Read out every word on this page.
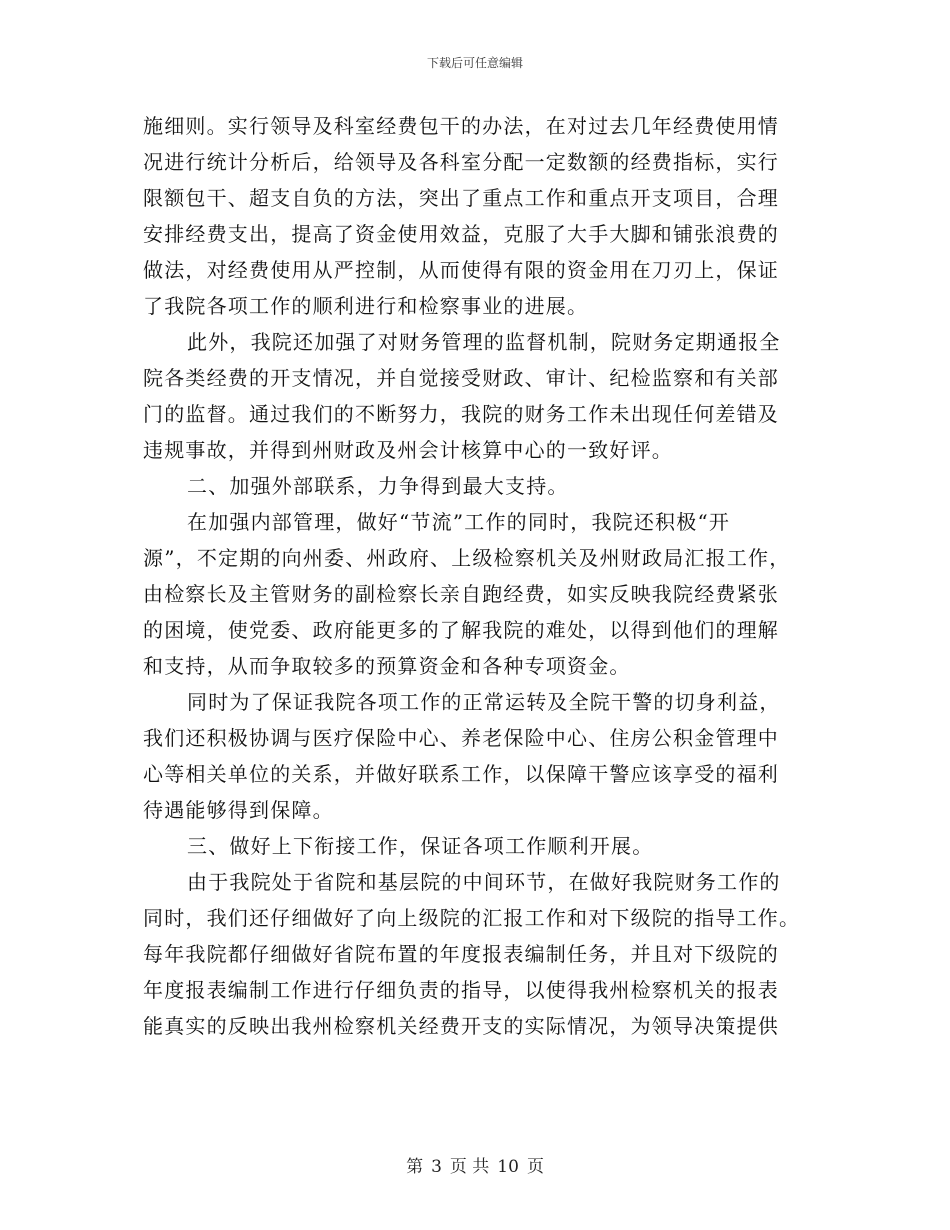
下载后可任意编辑
施细则。实行领导及科室经费包干的办法，在对过去几年经费使用情
况进行统计分析后，给领导及各科室分配一定数额的经费指标，实行
限额包干、超支自负的方法，突出了重点工作和重点开支项目，合理
安排经费支出，提高了资金使用效益，克服了大手大脚和铺张浪费的
做法，对经费使用从严控制，从而使得有限的资金用在刀刃上，保证
了我院各项工作的顺利进行和检察事业的进展。
此外，我院还加强了对财务管理的监督机制，院财务定期通报全
院各类经费的开支情况，并自觉接受财政、审计、纪检监察和有关部
门的监督。通过我们的不断努力，我院的财务工作未出现任何差错及
违规事故，并得到州财政及州会计核算中心的一致好评。
二、加强外部联系，力争得到最大支持。
在加强内部管理，做好“节流”工作的同时，我院还积极“开
源”，不定期的向州委、州政府、上级检察机关及州财政局汇报工作，
由检察长及主管财务的副检察长亲自跑经费，如实反映我院经费紧张
的困境，使党委、政府能更多的了解我院的难处，以得到他们的理解
和支持，从而争取较多的预算资金和各种专项资金。
同时为了保证我院各项工作的正常运转及全院干警的切身利益，
我们还积极协调与医疗保险中心、养老保险中心、住房公积金管理中
心等相关单位的关系，并做好联系工作，以保障干警应该享受的福利
待遇能够得到保障。
三、做好上下衔接工作，保证各项工作顺利开展。
由于我院处于省院和基层院的中间环节，在做好我院财务工作的
同时，我们还仔细做好了向上级院的汇报工作和对下级院的指导工作。
每年我院都仔细做好省院布置的年度报表编制任务，并且对下级院的
年度报表编制工作进行仔细负责的指导，以使得我州检察机关的报表
能真实的反映出我州检察机关经费开支的实际情况，为领导决策提供
第 3 页 共 10 页
